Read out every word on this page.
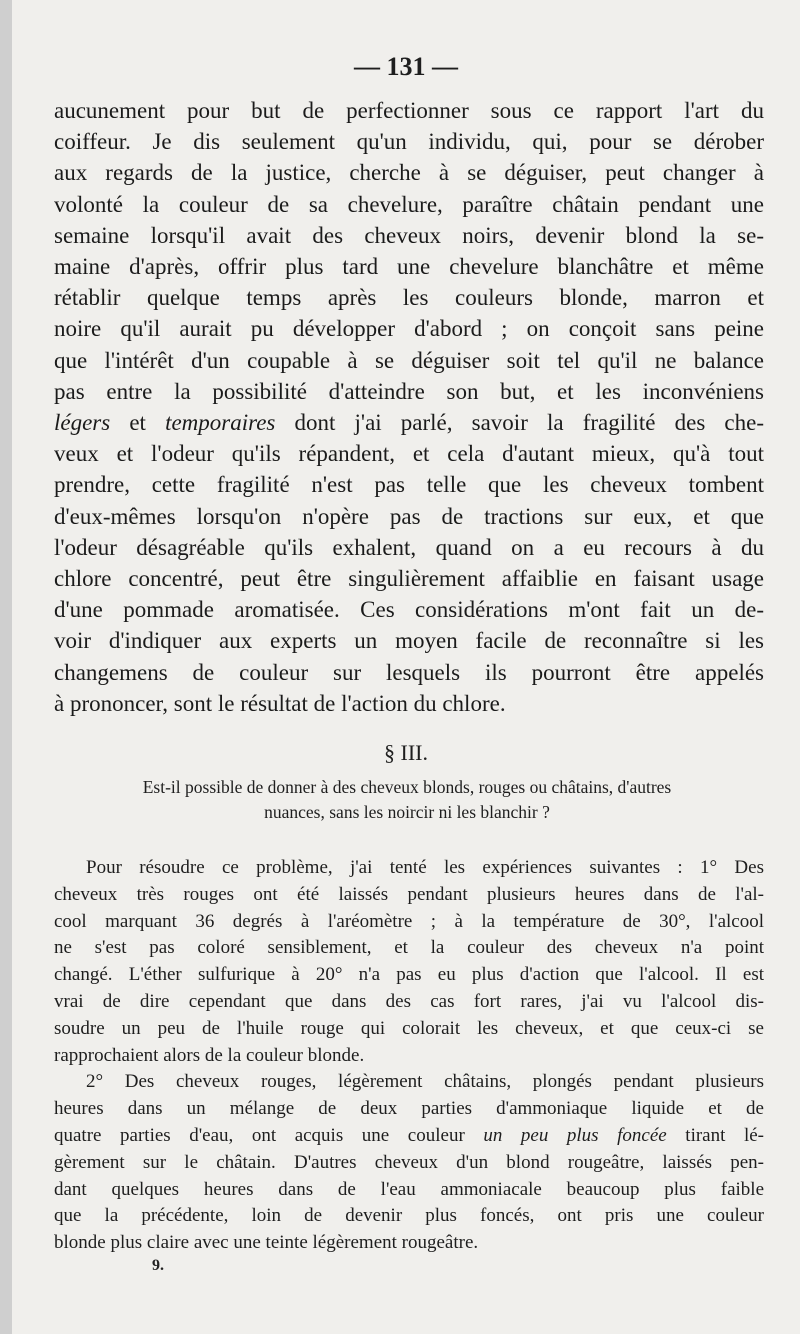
— 131 —

aucunement pour but de perfectionner sous ce rapport l'art du
coiffeur. Je dis seulement qu'un individu, qui, pour se dérober
aux regards de la justice, cherche à se déguiser, peut changer à
volonté la couleur de sa chevelure, paraître châtain pendant une
semaine lorsqu'il avait des cheveux noirs, devenir blond la se-
maine d'après, offrir plus tard une chevelure blanchâtre et même
rétablir quelque temps après les couleurs blonde, marron et
noire qu'il aurait pu développer d'abord ; on conçoit sans peine
que l'intérêt d'un coupable à se déguiser soit tel qu'il ne balance
pas entre la possibilité d'atteindre son but, et les inconvéniens
légers et temporaires dont j'ai parlé, savoir la fragilité des che-
veux et l'odeur qu'ils répandent, et cela d'autant mieux, qu'à tout
prendre, cette fragilité n'est pas telle que les cheveux tombent
d'eux-mêmes lorsqu'on n'opère pas de tractions sur eux, et que
l'odeur désagréable qu'ils exhalent, quand on a eu recours à du
chlore concentré, peut être singulièrement affaiblie en faisant usage
d'une pommade aromatisée. Ces considérations m'ont fait un de-
voir d'indiquer aux experts un moyen facile de reconnaître si les
changemens de couleur sur lesquels ils pourront être appelés
à prononcer, sont le résultat de l'action du chlore.

§ III.
Est-il possible de donner à des cheveux blonds, rouges ou châtains, d'autres
nuances, sans les noircir ni les blanchir ?
Pour résoudre ce problème, j'ai tenté les expériences suivantes : 1° Des
cheveux très rouges ont été laissés pendant plusieurs heures dans de l'al-
cool marquant 36 degrés à l'aréomètre ; à la température de 30°, l'alcool
ne s'est pas coloré sensiblement, et la couleur des cheveux n'a point
changé. L'éther sulfurique à 20° n'a pas eu plus d'action que l'alcool. Il est
vrai de dire cependant que dans des cas fort rares, j'ai vu l'alcool dis-
soudre un peu de l'huile rouge qui colorait les cheveux, et que ceux-ci se
rapprochaient alors de la couleur blonde.
2° Des cheveux rouges, légèrement châtains, plongés pendant plusieurs
heures dans un mélange de deux parties d'ammoniaque liquide et de
quatre parties d'eau, ont acquis une couleur un peu plus foncée tirant lé-
gèrement sur le châtain. D'autres cheveux d'un blond rougeâtre, laissés pen-
dant quelques heures dans de l'eau ammoniacale beaucoup plus faible
que la précédente, loin de devenir plus foncés, ont pris une couleur
blonde plus claire avec une teinte légèrement rougeâtre.
9.
